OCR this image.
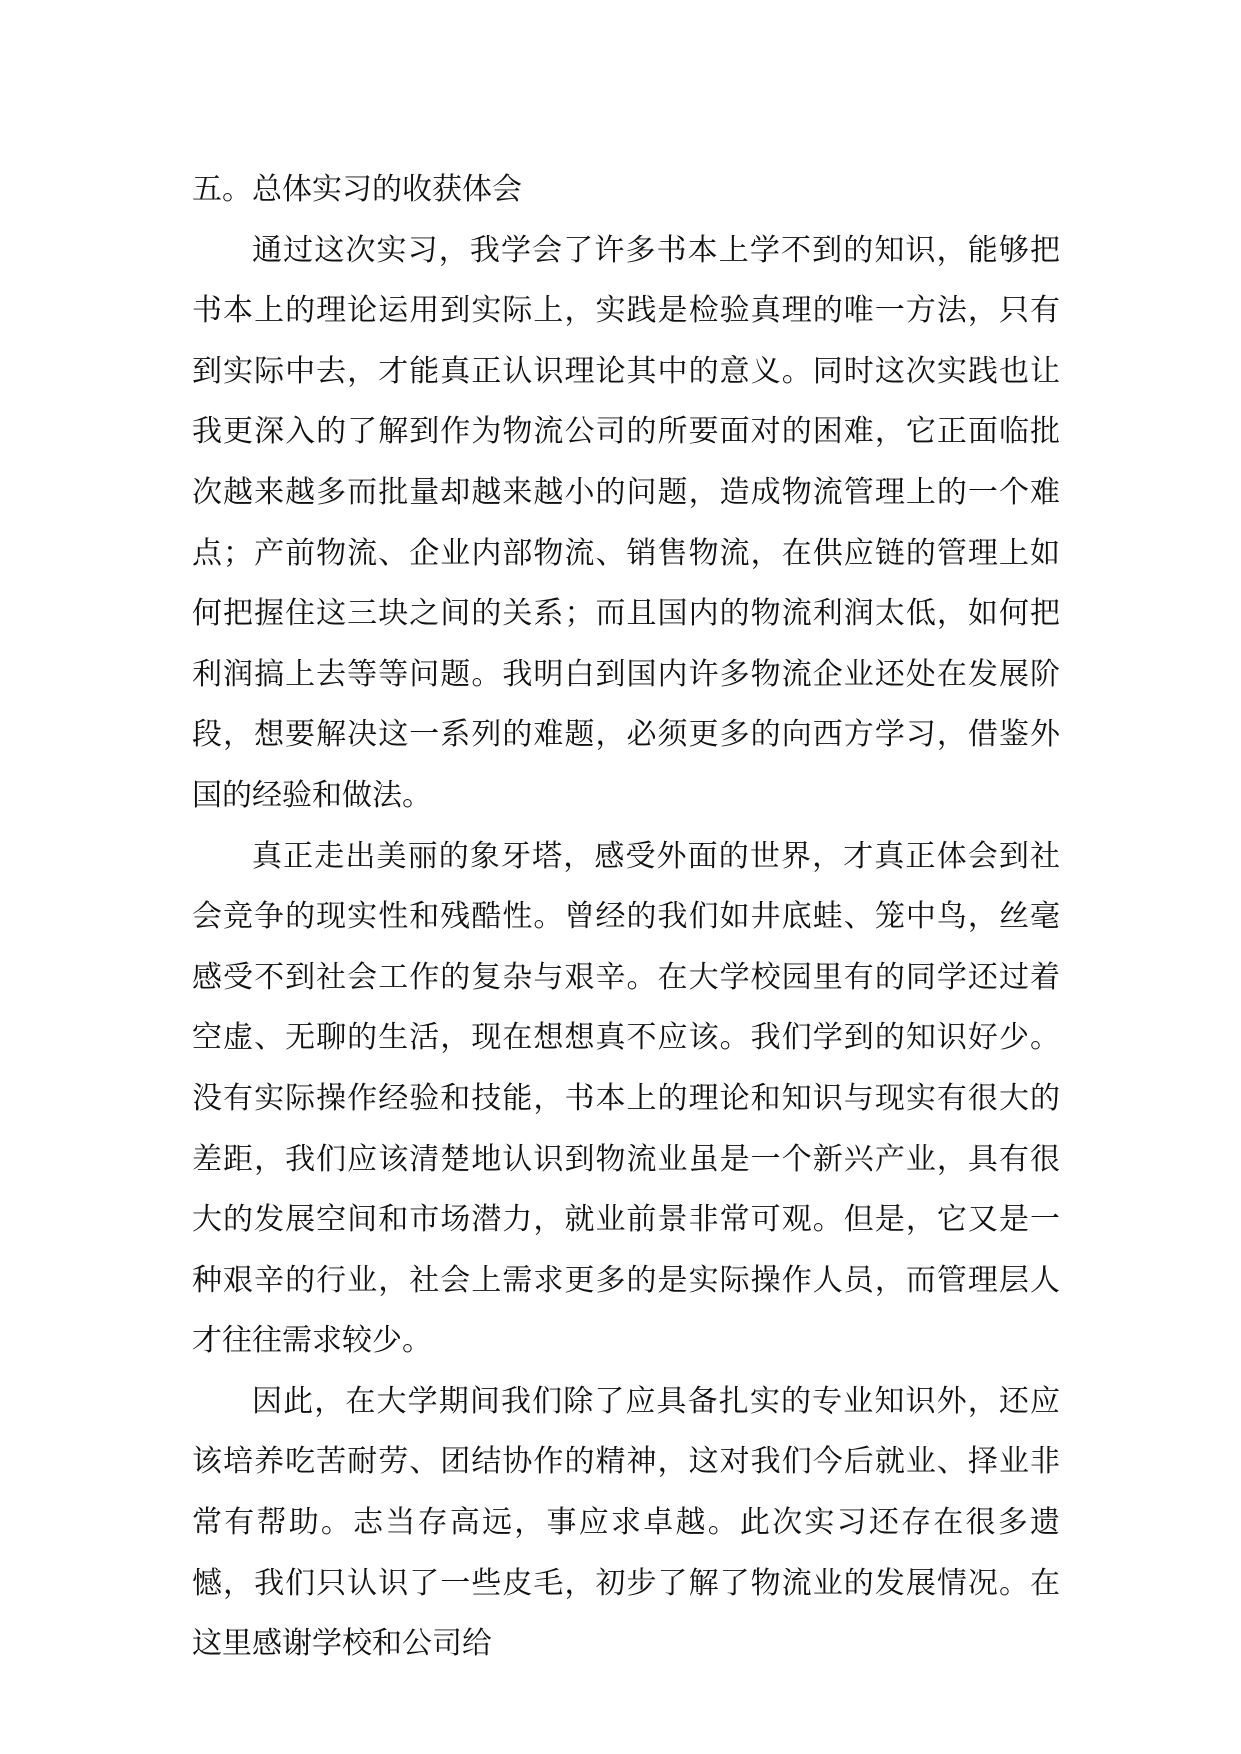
五。总体实习的收获体会

通过这次实习，我学会了许多书本上学不到的知识，能够把书本上的理论运用到实际上，实践是检验真理的唯一方法，只有到实际中去，才能真正认识理论其中的意义。同时这次实践也让我更深入的了解到作为物流公司的所要面对的困难，它正面临批次越来越多而批量却越来越小的问题，造成物流管理上的一个难点；产前物流、企业内部物流、销售物流，在供应链的管理上如何把握住这三块之间的关系；而且国内的物流利润太低，如何把利润搞上去等等问题。我明白到国内许多物流企业还处在发展阶段，想要解决这一系列的难题，必须更多的向西方学习，借鉴外国的经验和做法。

真正走出美丽的象牙塔，感受外面的世界，才真正体会到社会竞争的现实性和残酷性。曾经的我们如井底蛙、笼中鸟，丝毫感受不到社会工作的复杂与艰辛。在大学校园里有的同学还过着空虚、无聊的生活，现在想想真不应该。我们学到的知识好少。没有实际操作经验和技能，书本上的理论和知识与现实有很大的差距，我们应该清楚地认识到物流业虽是一个新兴产业，具有很大的发展空间和市场潜力，就业前景非常可观。但是，它又是一种艰辛的行业，社会上需求更多的是实际操作人员，而管理层人才往往需求较少。

因此，在大学期间我们除了应具备扎实的专业知识外，还应该培养吃苦耐劳、团结协作的精神，这对我们今后就业、择业非常有帮助。志当存高远，事应求卓越。此次实习还存在很多遗憾，我们只认识了一些皮毛，初步了解了物流业的发展情况。在这里感谢学校和公司给
